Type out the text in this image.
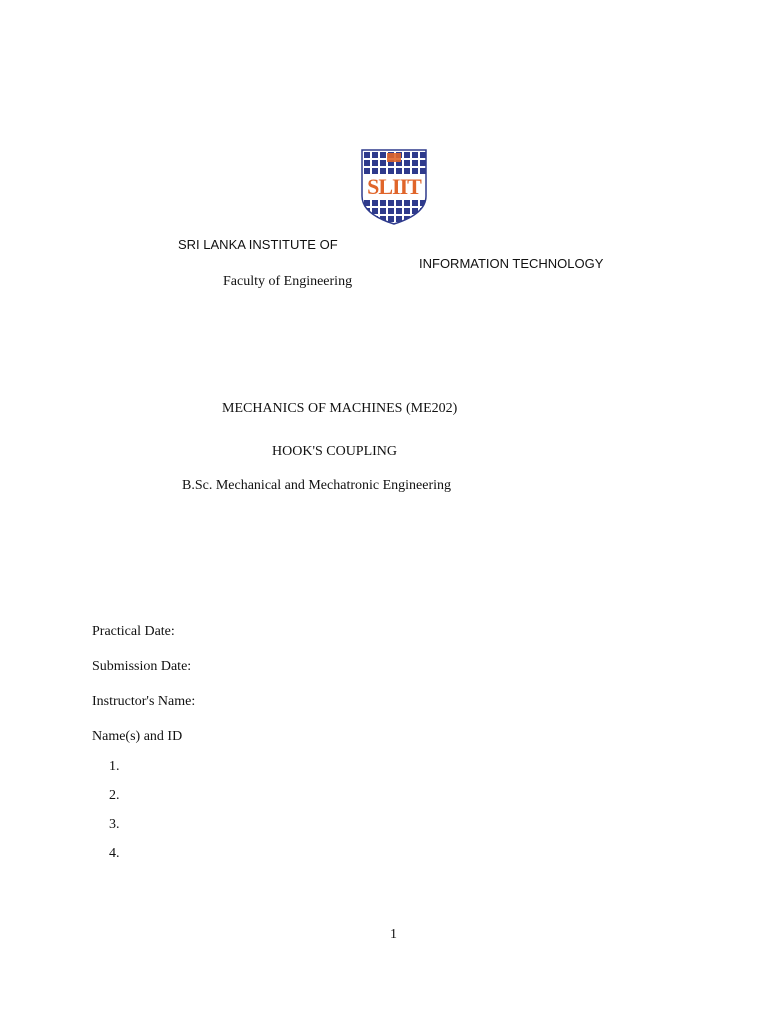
SLIIT
SRI LANKA INSTITUTE OF
INFORMATION TECHNOLOGY
Faculty of Engineering
MECHANICS OF MACHINES (ME202)
HOOK'S COUPLING
B.Sc. Mechanical and Mechatronic Engineering
Practical Date:
Submission Date:
Instructor's Name:
Name(s) and ID
1.
2.
3.
4.
1
